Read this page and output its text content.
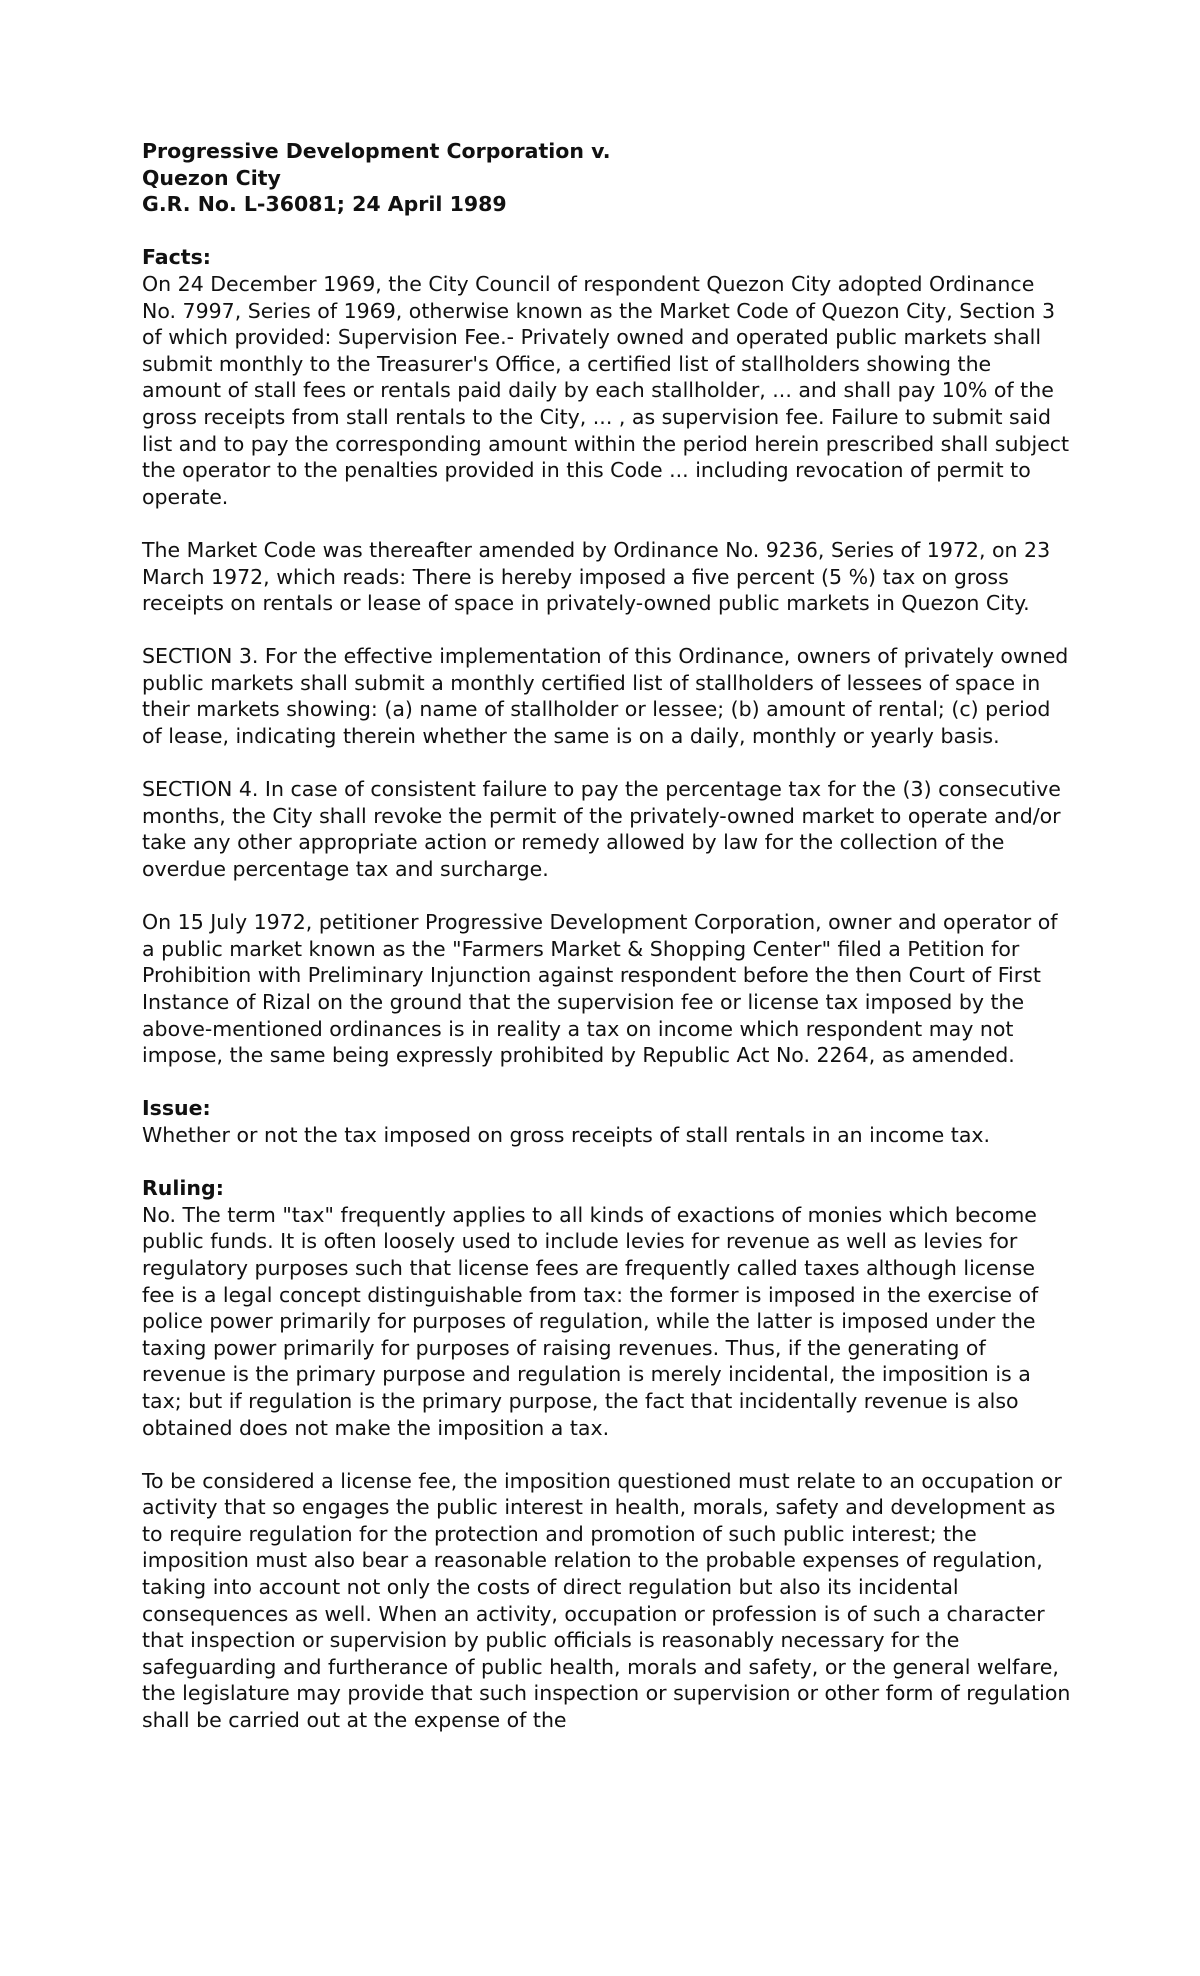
Progressive Development Corporation v.

Quezon City

G.R. No. L-36081; 24 April 1989

Facts:

On 24 December 1969, the City Council of respondent Quezon City adopted Ordinance No. 7997, Series of 1969, otherwise known as the Market Code of Quezon City, Section 3 of which provided: Supervision Fee.- Privately owned and operated public markets shall submit monthly to the Treasurer's Office, a certified list of stallholders showing the amount of stall fees or rentals paid daily by each stallholder, ... and shall pay 10% of the gross receipts from stall rentals to the City, ... , as supervision fee. Failure to submit said list and to pay the corresponding amount within the period herein prescribed shall subject the operator to the penalties provided in this Code ... including revocation of permit to operate.

The Market Code was thereafter amended by Ordinance No. 9236, Series of 1972, on 23 March 1972, which reads: There is hereby imposed a five percent (5 %) tax on gross receipts on rentals or lease of space in privately-owned public markets in Quezon City.

SECTION 3. For the effective implementation of this Ordinance, owners of privately owned public markets shall submit a monthly certified list of stallholders of lessees of space in their markets showing: (a) name of stallholder or lessee; (b) amount of rental; (c) period of lease, indicating therein whether the same is on a daily, monthly or yearly basis.

SECTION 4. In case of consistent failure to pay the percentage tax for the (3) consecutive months, the City shall revoke the permit of the privately-owned market to operate and/or take any other appropriate action or remedy allowed by law for the collection of the overdue percentage tax and surcharge.

On 15 July 1972, petitioner Progressive Development Corporation, owner and operator of a public market known as the "Farmers Market & Shopping Center" filed a Petition for Prohibition with Preliminary Injunction against respondent before the then Court of First Instance of Rizal on the ground that the supervision fee or license tax imposed by the above-mentioned ordinances is in reality a tax on income which respondent may not impose, the same being expressly prohibited by Republic Act No. 2264, as amended.

Issue:

Whether or not the tax imposed on gross receipts of stall rentals in an income tax.

Ruling:

No. The term "tax" frequently applies to all kinds of exactions of monies which become public funds. It is often loosely used to include levies for revenue as well as levies for regulatory purposes such that license fees are frequently called taxes although license fee is a legal concept distinguishable from tax: the former is imposed in the exercise of police power primarily for purposes of regulation, while the latter is imposed under the taxing power primarily for purposes of raising revenues. Thus, if the generating of revenue is the primary purpose and regulation is merely incidental, the imposition is a tax; but if regulation is the primary purpose, the fact that incidentally revenue is also obtained does not make the imposition a tax.

To be considered a license fee, the imposition questioned must relate to an occupation or activity that so engages the public interest in health, morals, safety and development as to require regulation for the protection and promotion of such public interest; the imposition must also bear a reasonable relation to the probable expenses of regulation, taking into account not only the costs of direct regulation but also its incidental consequences as well. When an activity, occupation or profession is of such a character that inspection or supervision by public officials is reasonably necessary for the safeguarding and furtherance of public health, morals and safety, or the general welfare, the legislature may provide that such inspection or supervision or other form of regulation shall be carried out at the expense of the
